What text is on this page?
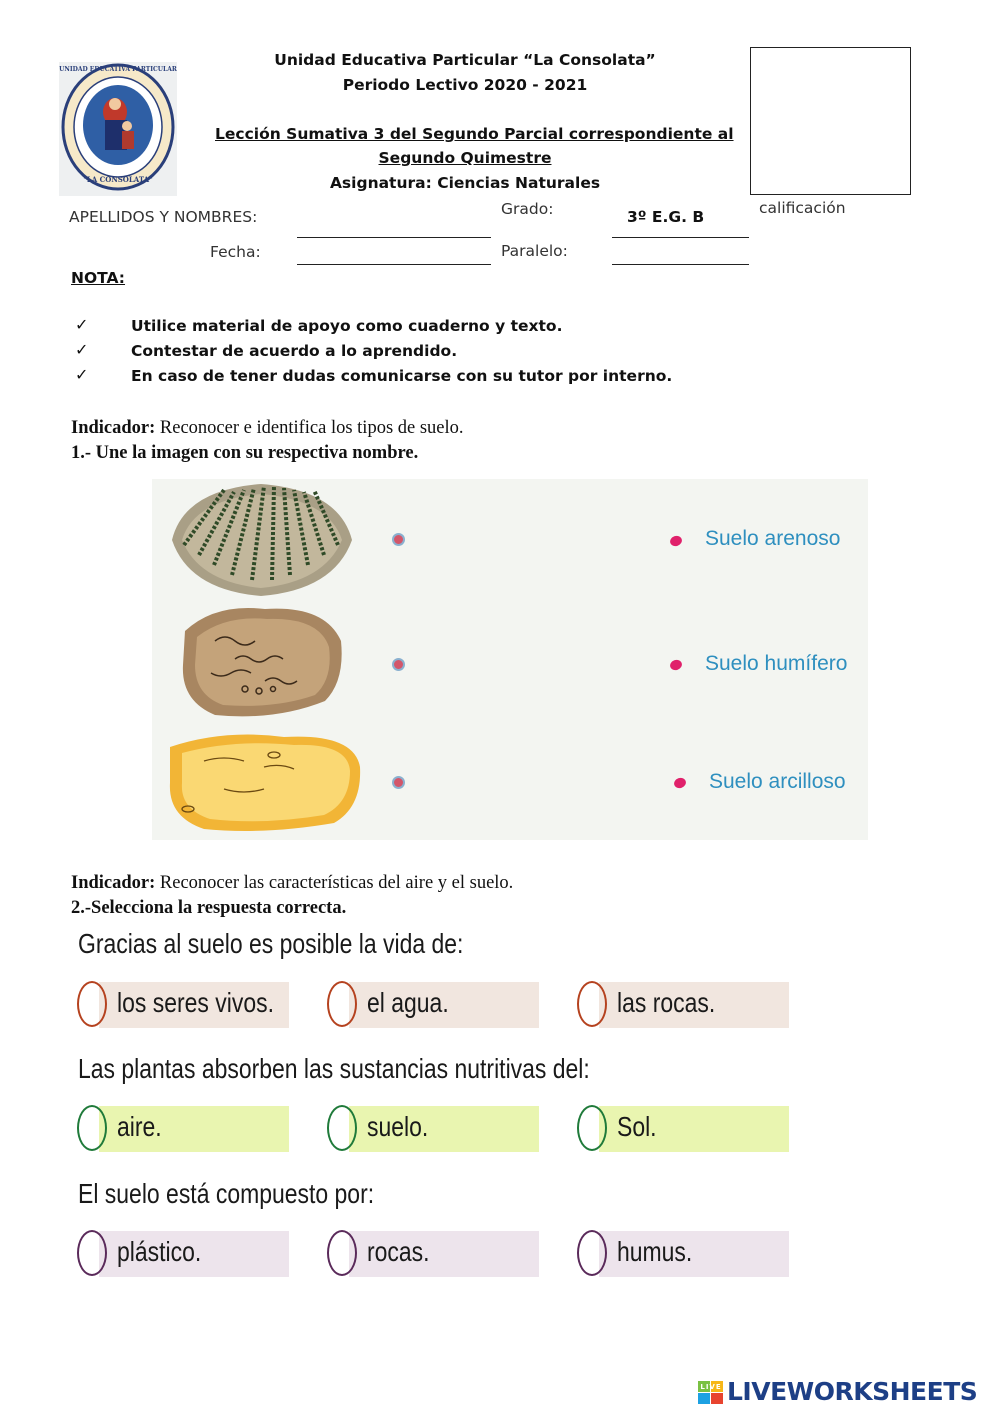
UNIDAD EDUCATIVA PARTICULAR
"LA CONSOLATA"
Unidad Educativa Particular “La Consolata”
Periodo Lectivo 2020 - 2021
Lección Sumativa 3 del Segundo Parcial correspondiente al
Segundo Quimestre
Asignatura: Ciencias Naturales
calificación
APELLIDOS Y NOMBRES:	Grado:	3º E.G. B
Fecha:	Paralelo:
NOTA:
✓	Utilice material de apoyo como cuaderno y texto.
✓	Contestar de acuerdo a lo aprendido.
✓	En caso de tener dudas comunicarse con su tutor por interno.
Indicador: Reconocer e identifica los tipos de suelo.
1.- Une la imagen con su respectiva nombre.
Suelo arenoso
Suelo humífero
Suelo arcilloso
Indicador: Reconocer las características del aire y el suelo.
2.-Selecciona la respuesta correcta.
Gracias al suelo es posible la vida de:
los seres vivos.	el agua.	las rocas.
Las plantas absorben las sustancias nutritivas del:
aire.	suelo.	Sol.
El suelo está compuesto por:
plástico.	rocas.	humus.
LIVE LIVEWORKSHEETS
